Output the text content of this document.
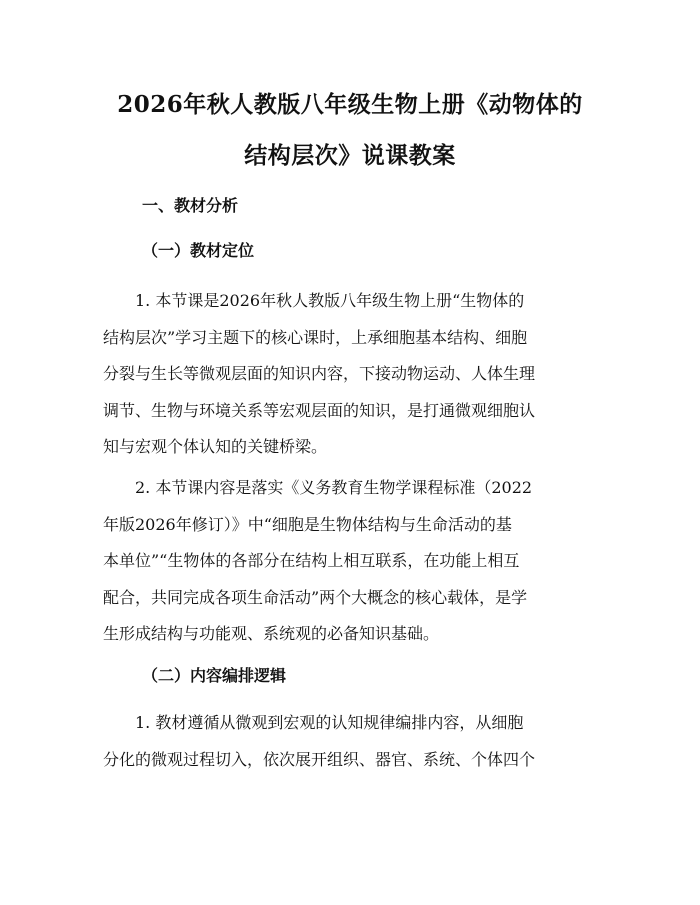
2026年秋人教版八年级生物上册《动物体的
结构层次》说课教案
一、教材分析
（一）教材定位
　　1. 本节课是2026年秋人教版八年级生物上册“生物体的
结构层次”学习主题下的核心课时，上承细胞基本结构、细胞
分裂与生长等微观层面的知识内容，下接动物运动、人体生理
调节、生物与环境关系等宏观层面的知识，是打通微观细胞认
知与宏观个体认知的关键桥梁。
　　2. 本节课内容是落实《义务教育生物学课程标准（2022
年版2026年修订）》中“细胞是生物体结构与生命活动的基
本单位”“生物体的各部分在结构上相互联系，在功能上相互
配合，共同完成各项生命活动”两个大概念的核心载体，是学
生形成结构与功能观、系统观的必备知识基础。
（二）内容编排逻辑
　　1. 教材遵循从微观到宏观的认知规律编排内容，从细胞
分化的微观过程切入，依次展开组织、器官、系统、个体四个
